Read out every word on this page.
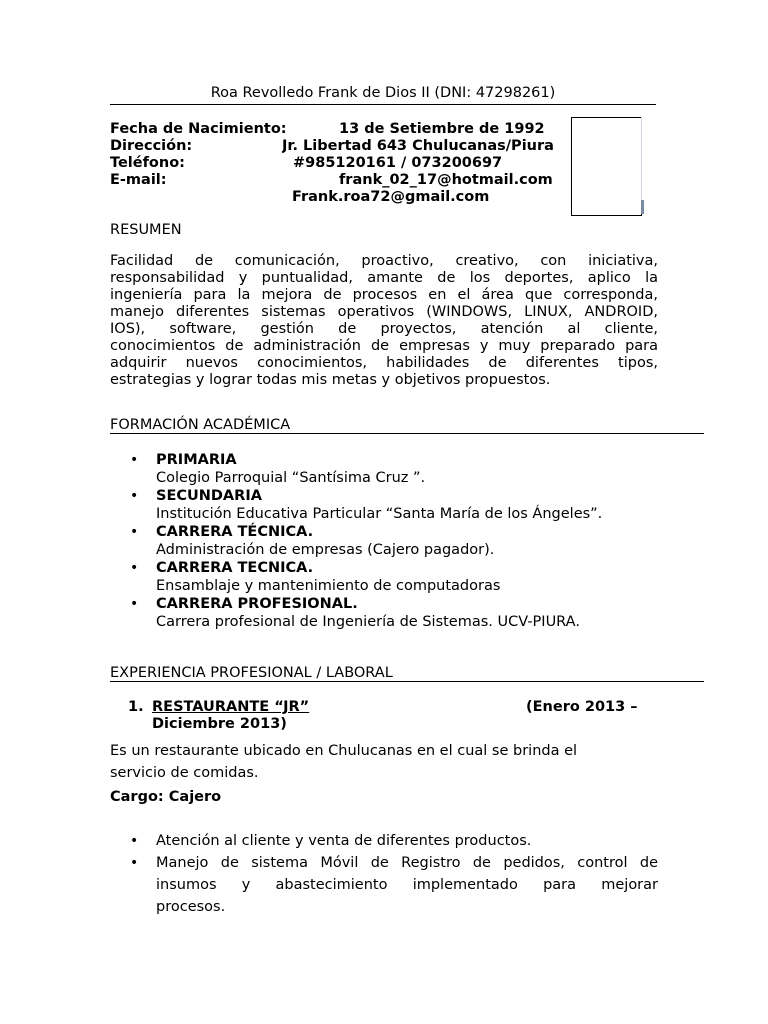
Roa Revolledo Frank de Dios II (DNI: 47298261)
Fecha de Nacimiento:	13 de Setiembre de 1992
Dirección:	Jr. Libertad 643 Chulucanas/Piura
Teléfono:	#985120161 / 073200697
E-mail:	frank_02_17@hotmail.com
Frank.roa72@gmail.com
RESUMEN
Facilidad de comunicación, proactivo, creativo, con iniciativa,
responsabilidad y puntualidad, amante de los deportes, aplico la
ingeniería para la mejora de procesos en el área que corresponda,
manejo diferentes sistemas operativos (WINDOWS, LINUX, ANDROID,
IOS), software, gestión de proyectos, atención al cliente,
conocimientos de administración de empresas y muy preparado para
adquirir nuevos conocimientos, habilidades de diferentes tipos,
estrategias y lograr todas mis metas y objetivos propuestos.
FORMACIÓN ACADÉMICA
• PRIMARIA
Colegio Parroquial “Santísima Cruz ”.
• SECUNDARIA
Institución Educativa Particular “Santa María de los Ángeles”.
• CARRERA TÉCNICA.
Administración de empresas (Cajero pagador).
• CARRERA TECNICA.
Ensamblaje y mantenimiento de computadoras
• CARRERA PROFESIONAL.
Carrera profesional de Ingeniería de Sistemas. UCV-PIURA.
EXPERIENCIA PROFESIONAL / LABORAL
1. RESTAURANTE “JR”	(Enero 2013 –
Diciembre 2013)
Es un restaurante ubicado en Chulucanas en el cual se brinda el
servicio de comidas.
Cargo: Cajero
• Atención al cliente y venta de diferentes productos.
• Manejo de sistema Móvil de Registro de pedidos, control de
insumos y abastecimiento implementado para mejorar
procesos.
